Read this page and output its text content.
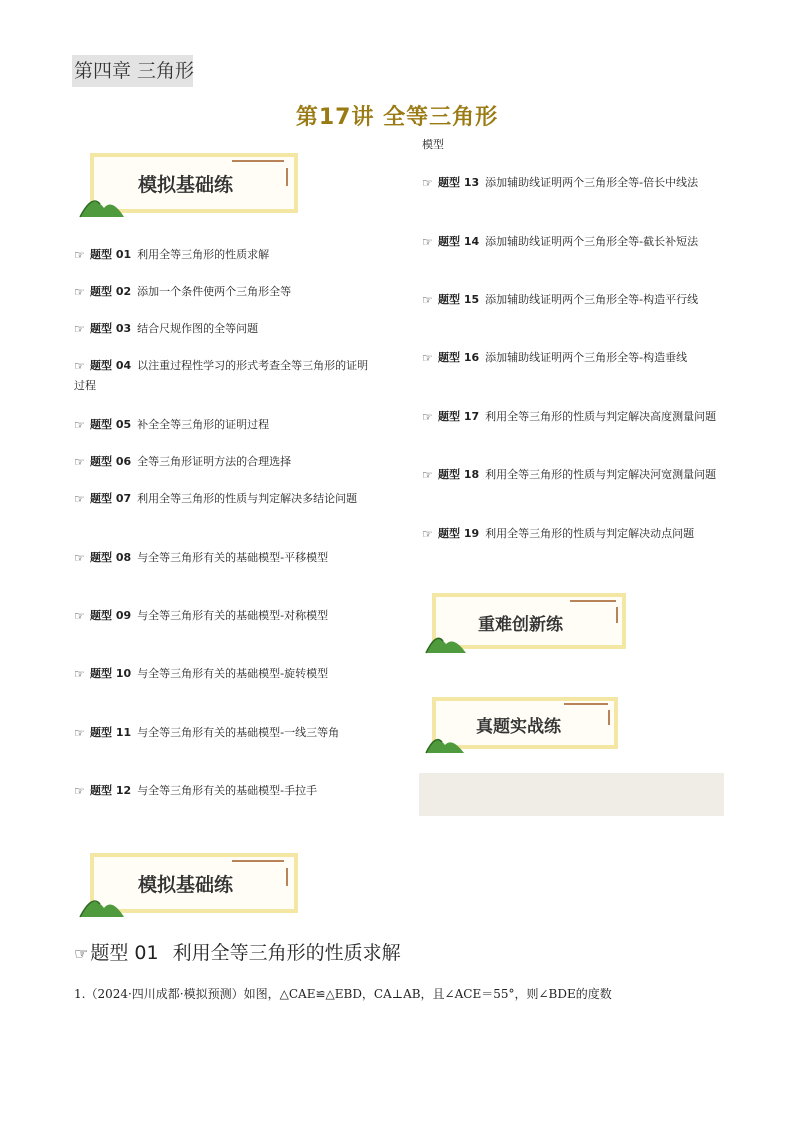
第四章 三角形
第17讲 全等三角形
模拟基础练
☞ 题型 01 利用全等三角形的性质求解
☞ 题型 02 添加一个条件使两个三角形全等
☞ 题型 03 结合尺规作图的全等问题
☞ 题型 04 以注重过程性学习的形式考查全等三角形的证明过程
☞ 题型 05 补全全等三角形的证明过程
☞ 题型 06 全等三角形证明方法的合理选择
☞ 题型 07 利用全等三角形的性质与判定解决多结论问题
☞ 题型 08 与全等三角形有关的基础模型-平移模型
☞ 题型 09 与全等三角形有关的基础模型-对称模型
☞ 题型 10 与全等三角形有关的基础模型-旋转模型
☞ 题型 11 与全等三角形有关的基础模型-一线三等角
☞ 题型 12 与全等三角形有关的基础模型-手拉手
模型
☞ 题型 13 添加辅助线证明两个三角形全等-倍长中线法
☞ 题型 14 添加辅助线证明两个三角形全等-截长补短法
☞ 题型 15 添加辅助线证明两个三角形全等-构造平行线
☞ 题型 16 添加辅助线证明两个三角形全等-构造垂线
☞ 题型 17 利用全等三角形的性质与判定解决高度测量问题
☞ 题型 18 利用全等三角形的性质与判定解决河宽测量问题
☞ 题型 19 利用全等三角形的性质与判定解决动点问题
重难创新练
真题实战练
模拟基础练
☞ 题型 01 利用全等三角形的性质求解
1.（2024·四川成都·模拟预测）如图，△CAE≌△EBD，CA⊥AB，且∠ACE＝55°，则∠BDE的度数
